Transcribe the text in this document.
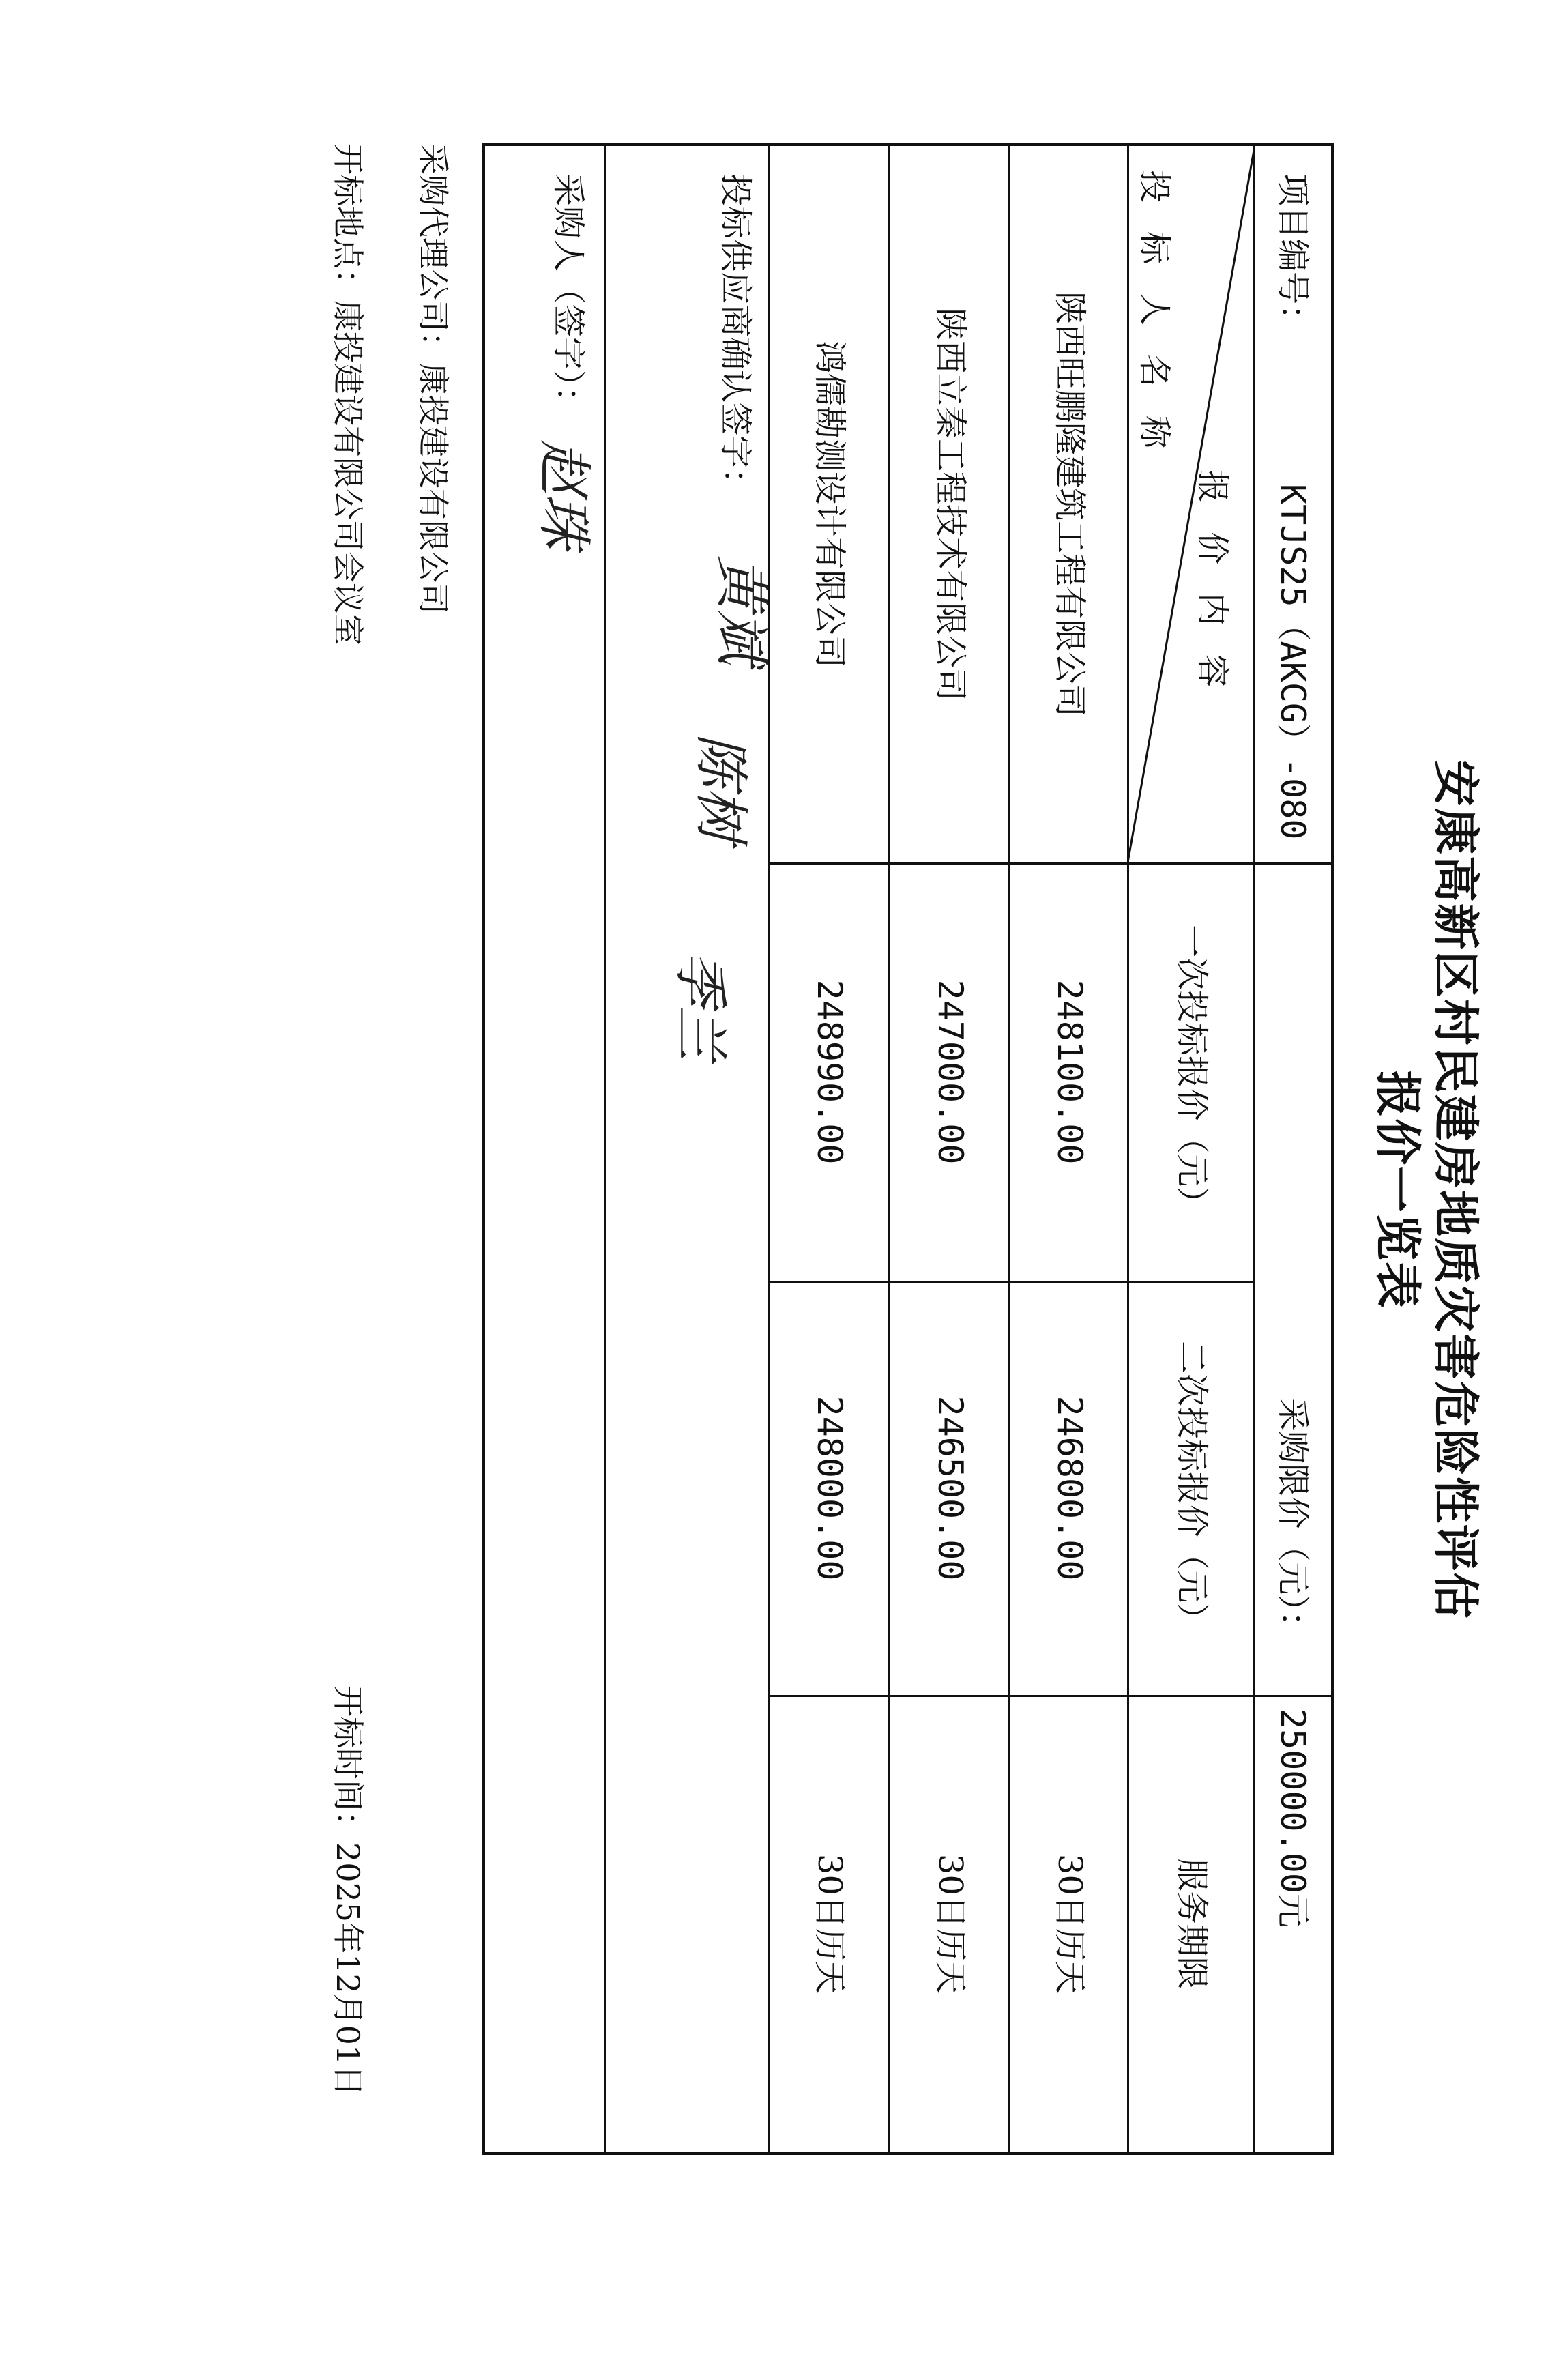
安康高新区村民建房地质灾害危险性评估
报价一览表
项目编号：
KTJS25（AKCG）-080
采购限价（元）：
250000.00元
报价内容
投标人名称
一次投标报价（元）
二次投标报价（元）
服务期限
陕西旺鹏隆建筑工程有限公司
248100.00
246800.00
30日历天
陕西立秦工程技术有限公司
247000.00
246500.00
30日历天
鸿儒勘测设计有限公司
248990.00
248000.00
30日历天
投标供应商确认签字：
黄斌
陈树
季兰
采购人（签字）：
赵珠
采购代理公司：康投建设有限公司
开标地点：康投建设有限公司会议室
开标时间：2025年12月01日
